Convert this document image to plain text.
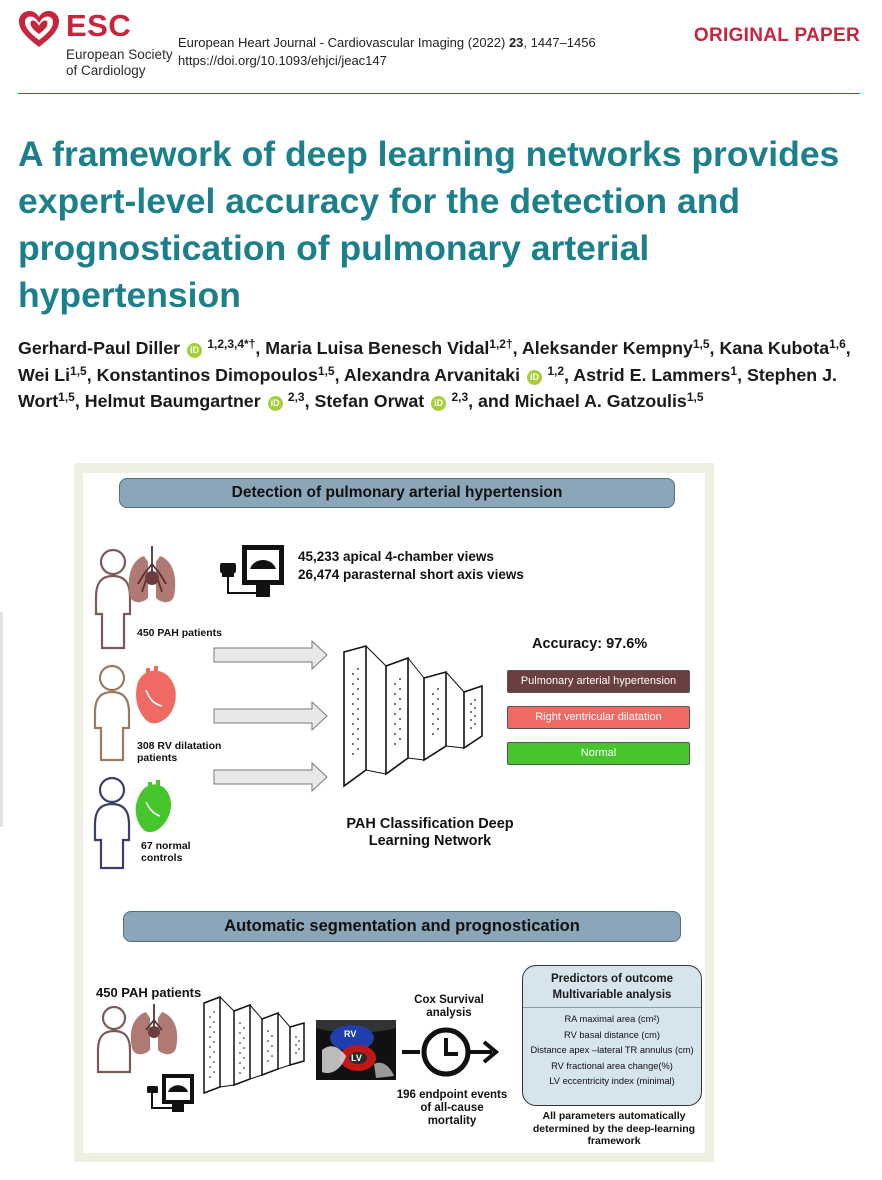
ESC
European Society
of Cardiology
European Heart Journal - Cardiovascular Imaging (2022) 23, 1447–1456
https://doi.org/10.1093/ehjci/jeac147
ORIGINAL PAPER
A framework of deep learning networks provides expert-level accuracy for the detection and prognostication of pulmonary arterial hypertension
Gerhard-Paul Diller iD $^{1,2,3,4*\dagger}$, Maria Luisa Benesch Vidal$^{1,2\dagger}$, Aleksander Kempny$^{1,5}$, Kana Kubota$^{1,6}$, Wei Li$^{1,5}$, Konstantinos Dimopoulos$^{1,5}$, Alexandra Arvanitaki iD $^{1,2}$, Astrid E. Lammers$^1$, Stephen J. Wort$^{1,5}$, Helmut Baumgartner iD $^{2,3}$, Stefan Orwat iD $^{2,3}$, and Michael A. Gatzoulis$^{1,5}$
Detection of pulmonary arterial hypertension
450 PAH patients
308 RV dilatation
patients
67 normal
controls
45,233 apical 4-chamber views
26,474 parasternal short axis views
Accuracy: 97.6%
Pulmonary arterial hypertension
Right ventricular dilatation
Normal
PAH Classification Deep
Learning Network
Automatic segmentation and prognostication
450 PAH patients
RV
LV
Cox Survival
analysis
196 endpoint events
of all-cause
mortality
Predictors of outcome
Multivariable analysis
RA maximal area (cm²)
RV basal distance (cm)
Distance apex –lateral TR annulus (cm)
RV fractional area change(%)
LV eccentricity index (minimal)
All parameters automatically
determined by the deep-learning
framework
